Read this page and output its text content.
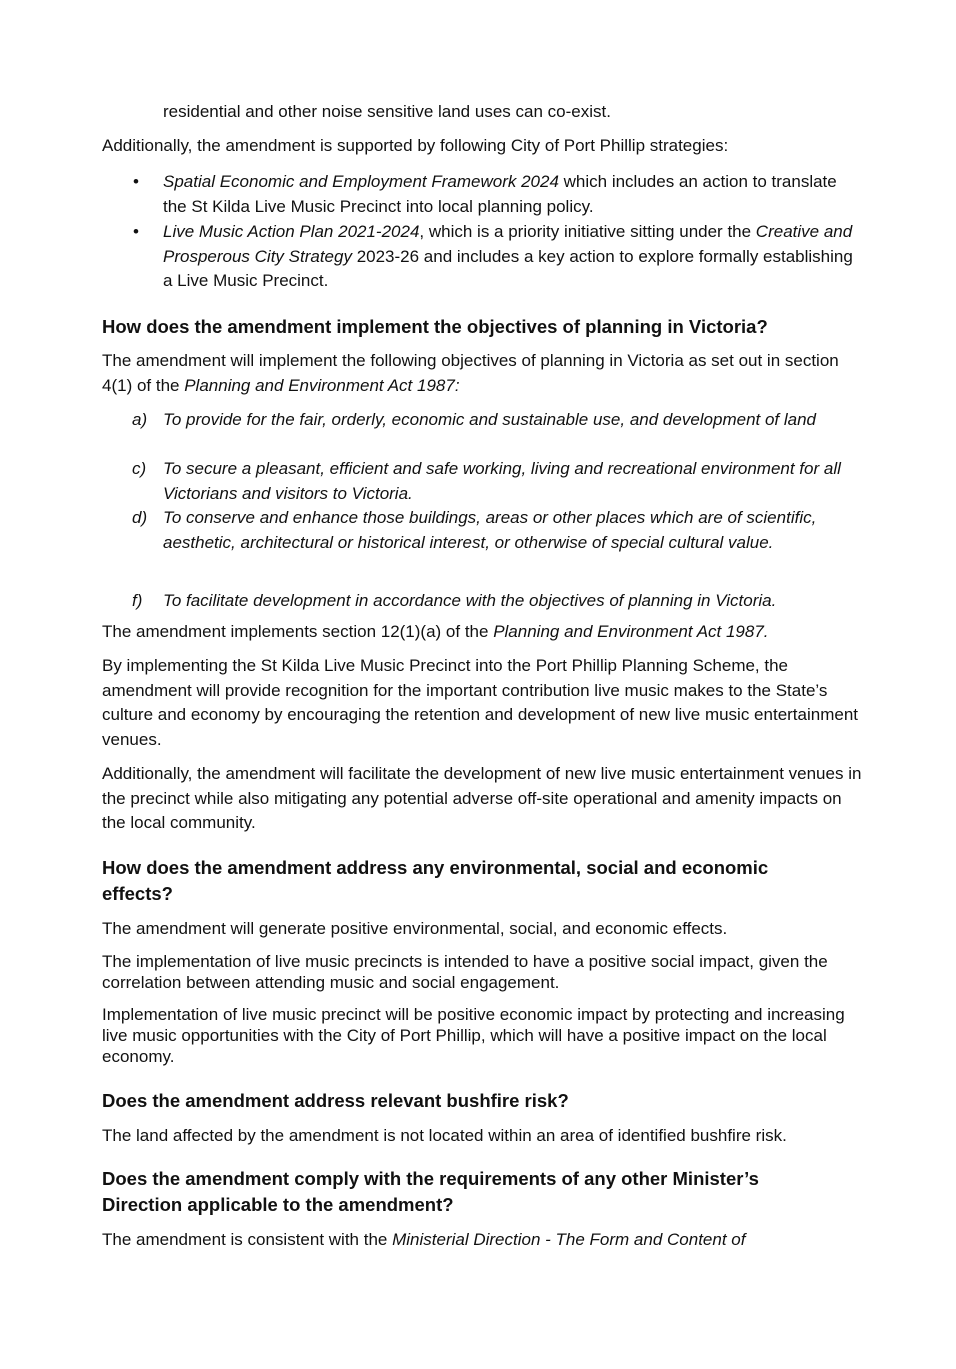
residential and other noise sensitive land uses can co-exist.

Additionally, the amendment is supported by following City of Port Phillip strategies:

•	Spatial Economic and Employment Framework 2024 which includes an action to translate the St Kilda Live Music Precinct into local planning policy.
•	Live Music Action Plan 2021-2024, which is a priority initiative sitting under the Creative and Prosperous City Strategy 2023-26 and includes a key action to explore formally establishing a Live Music Precinct.
How does the amendment implement the objectives of planning in Victoria?

The amendment will implement the following objectives of planning in Victoria as set out in section 4(1) of the Planning and Environment Act 1987:

a) To provide for the fair, orderly, economic and sustainable use, and development of land
c) To secure a pleasant, efficient and safe working, living and recreational environment for all Victorians and visitors to Victoria.
d) To conserve and enhance those buildings, areas or other places which are of scientific, aesthetic, architectural or historical interest, or otherwise of special cultural value.
f)	To facilitate development in accordance with the objectives of planning in Victoria.

The amendment implements section 12(1)(a) of the Planning and Environment Act 1987.

By implementing the St Kilda Live Music Precinct into the Port Phillip Planning Scheme, the amendment will provide recognition for the important contribution live music makes to the State’s culture and economy by encouraging the retention and development of new live music entertainment venues.

Additionally, the amendment will facilitate the development of new live music entertainment venues in the precinct while also mitigating any potential adverse off-site operational and amenity impacts on the local community.

How does the amendment address any environmental, social and economic effects?

The amendment will generate positive environmental, social, and economic effects.

The implementation of live music precincts is intended to have a positive social impact, given the correlation between attending music and social engagement.

Implementation of live music precinct will be positive economic impact by protecting and increasing live music opportunities with the City of Port Phillip, which will have a positive impact on the local economy.

Does the amendment address relevant bushfire risk?

The land affected by the amendment is not located within an area of identified bushfire risk.

Does the amendment comply with the requirements of any other Minister’s Direction applicable to the amendment?

The amendment is consistent with the Ministerial Direction - The Form and Content of
